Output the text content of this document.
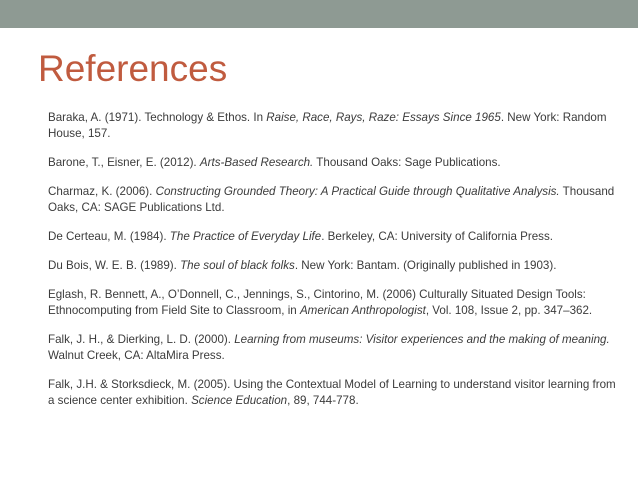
References
Baraka, A. (1971). Technology & Ethos. In Raise, Race, Rays, Raze: Essays Since 1965. New York: Random House, 157.
Barone, T., Eisner, E. (2012). Arts-Based Research. Thousand Oaks: Sage Publications.
Charmaz, K. (2006). Constructing Grounded Theory: A Practical Guide through Qualitative Analysis. Thousand Oaks, CA: SAGE Publications Ltd.
De Certeau, M. (1984). The Practice of Everyday Life. Berkeley, CA: University of California Press.
Du Bois, W. E. B. (1989). The soul of black folks. New York: Bantam. (Originally published in 1903).
Eglash, R. Bennett, A., O’Donnell, C., Jennings, S., Cintorino, M. (2006) Culturally Situated Design Tools: Ethnocomputing from Field Site to Classroom, in American Anthropologist, Vol. 108, Issue 2, pp. 347–362.
Falk, J. H., & Dierking, L. D. (2000). Learning from museums: Visitor experiences and the making of meaning. Walnut Creek, CA: AltaMira Press.
Falk, J.H. & Storksdieck, M. (2005). Using the Contextual Model of Learning to understand visitor learning from a science center exhibition. Science Education, 89, 744-778.
